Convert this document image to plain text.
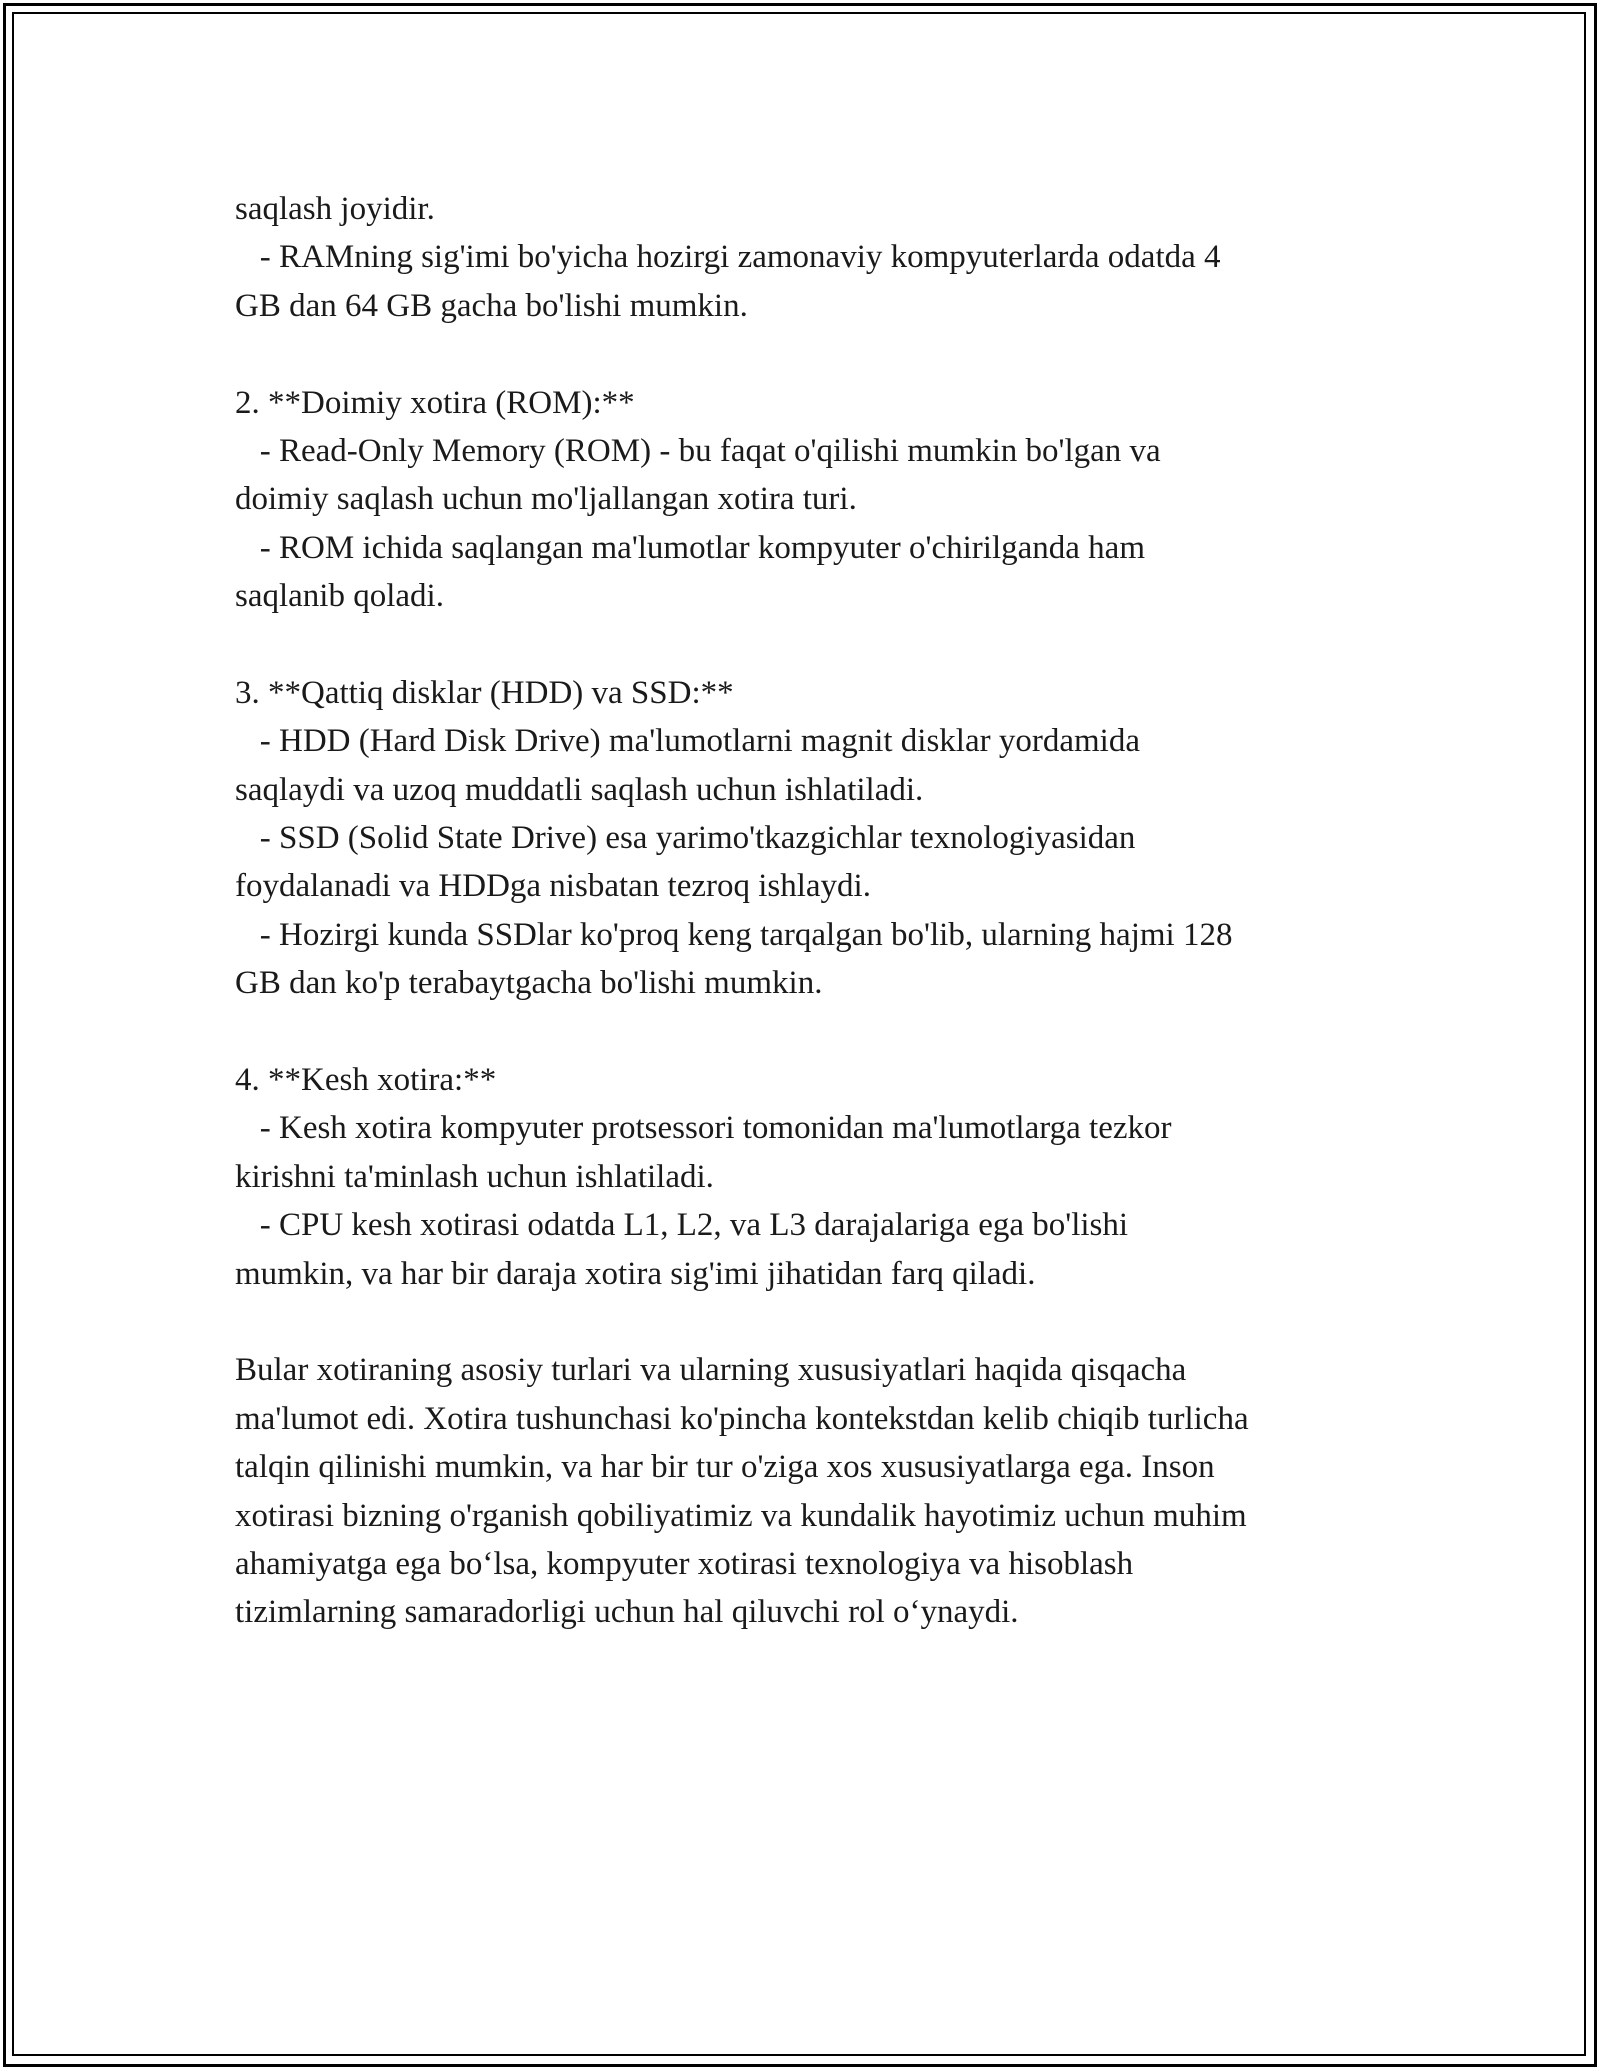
saqlash joyidir.
- RAMning sig'imi bo'yicha hozirgi zamonaviy kompyuterlarda odatda 4
GB dan 64 GB gacha bo'lishi mumkin.
2. **Doimiy xotira (ROM):**
- Read-Only Memory (ROM) - bu faqat o'qilishi mumkin bo'lgan va
doimiy saqlash uchun mo'ljallangan xotira turi.
- ROM ichida saqlangan ma'lumotlar kompyuter o'chirilganda ham
saqlanib qoladi.
3. **Qattiq disklar (HDD) va SSD:**
- HDD (Hard Disk Drive) ma'lumotlarni magnit disklar yordamida
saqlaydi va uzoq muddatli saqlash uchun ishlatiladi.
- SSD (Solid State Drive) esa yarimo'tkazgichlar texnologiyasidan
foydalanadi va HDDga nisbatan tezroq ishlaydi.
- Hozirgi kunda SSDlar ko'proq keng tarqalgan bo'lib, ularning hajmi 128
GB dan ko'p terabaytgacha bo'lishi mumkin.
4. **Kesh xotira:**
- Kesh xotira kompyuter protsessori tomonidan ma'lumotlarga tezkor
kirishni ta'minlash uchun ishlatiladi.
- CPU kesh xotirasi odatda L1, L2, va L3 darajalariga ega bo'lishi
mumkin, va har bir daraja xotira sig'imi jihatidan farq qiladi.
Bular xotiraning asosiy turlari va ularning xususiyatlari haqida qisqacha
ma'lumot edi. Xotira tushunchasi ko'pincha kontekstdan kelib chiqib turlicha
talqin qilinishi mumkin, va har bir tur o'ziga xos xususiyatlarga ega. Inson
xotirasi bizning o'rganish qobiliyatimiz va kundalik hayotimiz uchun muhim
ahamiyatga ega bo‘lsa, kompyuter xotirasi texnologiya va hisoblash
tizimlarning samaradorligi uchun hal qiluvchi rol o‘ynaydi.
